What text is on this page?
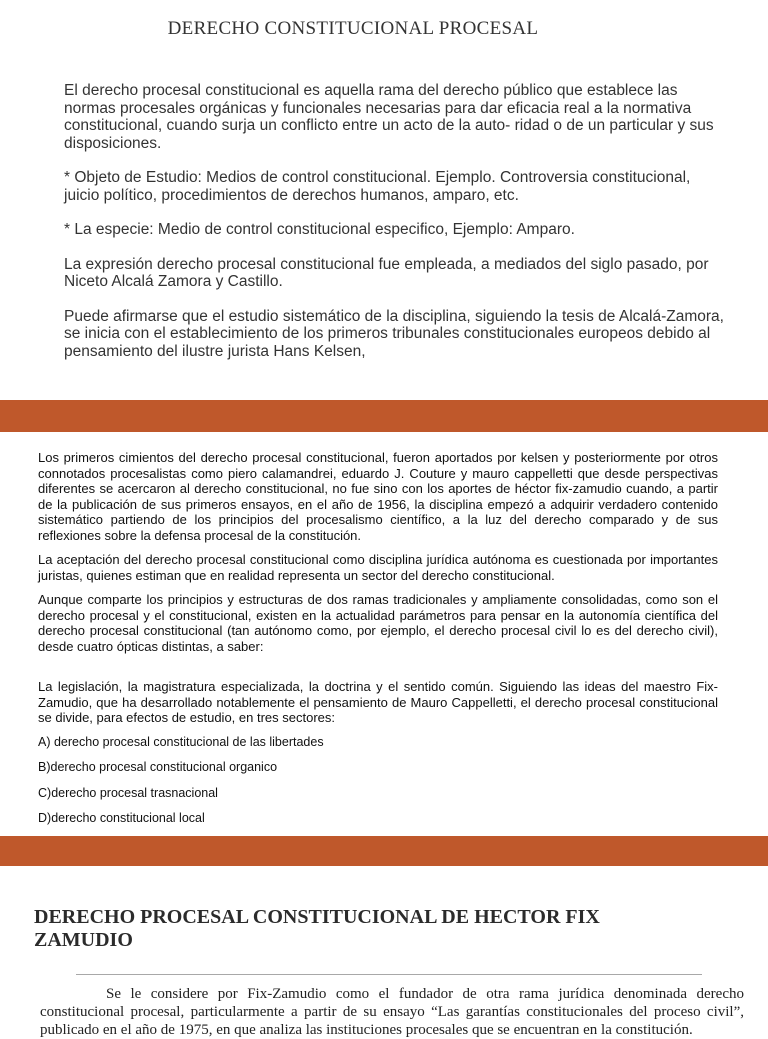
DERECHO CONSTITUCIONAL PROCESAL

El derecho procesal constitucional es aquella rama del derecho público que establece las normas procesales orgánicas y funcionales necesarias para dar eficacia real a la normativa constitucional, cuando surja un conflicto entre un acto de la auto- ridad o de un particular y sus disposiciones.

* Objeto de Estudio: Medios de control constitucional. Ejemplo. Controversia constitucional, juicio político, procedimientos de derechos humanos, amparo, etc.

* La especie: Medio de control constitucional especifico, Ejemplo: Amparo.

La expresión derecho procesal constitucional fue empleada, a mediados del siglo pasado, por Niceto Alcalá Zamora y Castillo.

Puede afirmarse que el estudio sistemático de la disciplina, siguiendo la tesis de Alcalá-Zamora, se inicia con el establecimiento de los primeros tribunales constitucionales europeos debido al pensamiento del ilustre jurista Hans Kelsen,

Los primeros cimientos del derecho procesal constitucional, fueron aportados por kelsen y posteriormente por otros connotados procesalistas como piero calamandrei, eduardo J. Couture y mauro cappelletti que desde perspectivas diferentes se acercaron al derecho constitucional, no fue sino con los aportes de héctor fix-zamudio cuando, a partir de la publicación de sus primeros ensayos, en el año de 1956, la disciplina empezó a adquirir verdadero contenido sistemático partiendo de los principios del procesalismo científico, a la luz del derecho comparado y de sus reflexiones sobre la defensa procesal de la constitución.

La aceptación del derecho procesal constitucional como disciplina jurídica autónoma es cuestionada por importantes juristas, quienes estiman que en realidad representa un sector del derecho constitucional.

Aunque comparte los principios y estructuras de dos ramas tradicionales y ampliamente consolidadas, como son el derecho procesal y el constitucional, existen en la actualidad parámetros para pensar en la autonomía científica del derecho procesal constitucional (tan autónomo como, por ejemplo, el derecho procesal civil lo es del derecho civil), desde cuatro ópticas distintas, a saber:

La legislación, la magistratura especializada, la doctrina y el sentido común. Siguiendo las ideas del maestro Fix-Zamudio, que ha desarrollado notablemente el pensamiento de Mauro Cappelletti, el derecho procesal constitucional se divide, para efectos de estudio, en tres sectores:

A) derecho procesal constitucional de las libertades

B)derecho procesal constitucional organico

C)derecho procesal trasnacional

D)derecho constitucional local

DERECHO PROCESAL CONSTITUCIONAL DE HECTOR FIX ZAMUDIO

Se le considere por Fix-Zamudio como el fundador de otra rama jurídica denominada derecho constitucional procesal, particularmente a partir de su ensayo “Las garantías constitucionales del proceso civil”, publicado en el año de 1975, en que analiza las instituciones procesales que se encuentran en la constitución.
